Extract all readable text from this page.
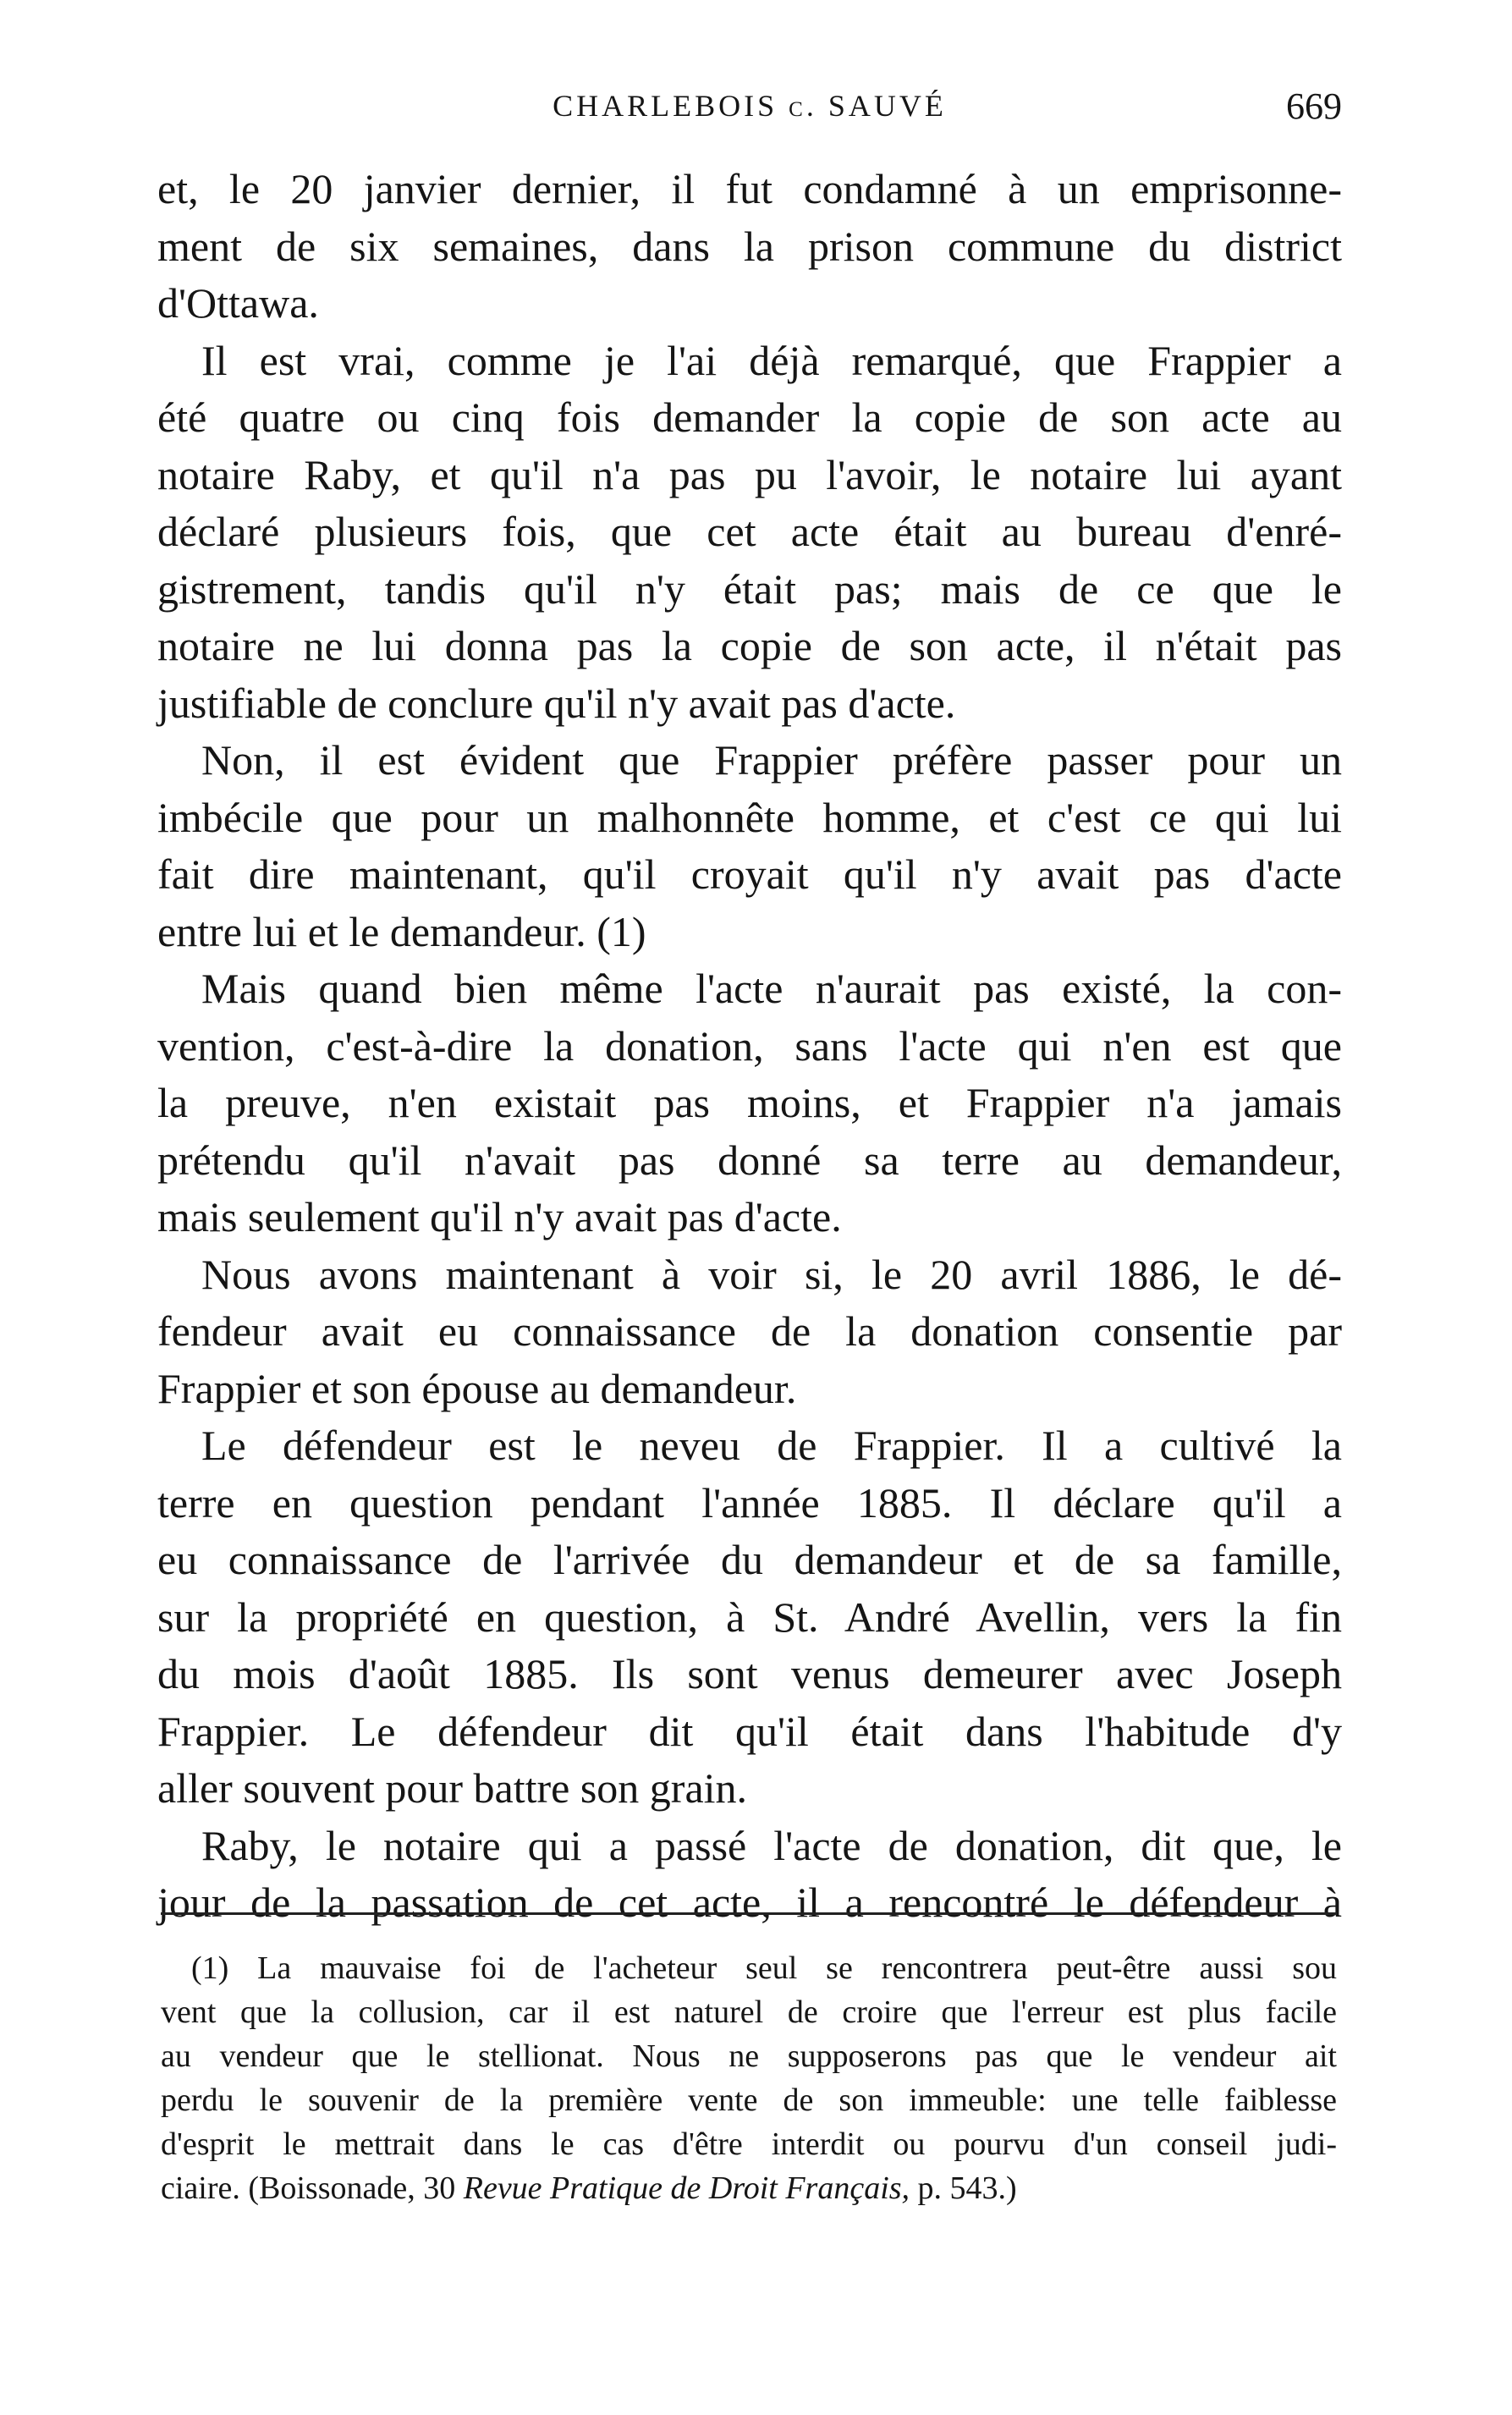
CHARLEBOIS c. SAUVÉ	669
et, le 20 janvier dernier, il fut condamné à un emprisonne-
ment de six semaines, dans la prison commune du district
d'Ottawa.
Il est vrai, comme je l'ai déjà remarqué, que Frappier a
été quatre ou cinq fois demander la copie de son acte au
notaire Raby, et qu'il n'a pas pu l'avoir, le notaire lui ayant
déclaré plusieurs fois, que cet acte était au bureau d'enré-
gistrement, tandis qu'il n'y était pas; mais de ce que le
notaire ne lui donna pas la copie de son acte, il n'était pas
justifiable de conclure qu'il n'y avait pas d'acte.
Non, il est évident que Frappier préfère passer pour un
imbécile que pour un malhonnête homme, et c'est ce qui lui
fait dire maintenant, qu'il croyait qu'il n'y avait pas d'acte
entre lui et le demandeur. (1)
Mais quand bien même l'acte n'aurait pas existé, la con-
vention, c'est-à-dire la donation, sans l'acte qui n'en est que
la preuve, n'en existait pas moins, et Frappier n'a jamais
prétendu qu'il n'avait pas donné sa terre au demandeur,
mais seulement qu'il n'y avait pas d'acte.
Nous avons maintenant à voir si, le 20 avril 1886, le dé-
fendeur avait eu connaissance de la donation consentie par
Frappier et son épouse au demandeur.
Le défendeur est le neveu de Frappier. Il a cultivé la
terre en question pendant l'année 1885. Il déclare qu'il a
eu connaissance de l'arrivée du demandeur et de sa famille,
sur la propriété en question, à St. André Avellin, vers la fin
du mois d'août 1885. Ils sont venus demeurer avec Joseph
Frappier. Le défendeur dit qu'il était dans l'habitude d'y
aller souvent pour battre son grain.
Raby, le notaire qui a passé l'acte de donation, dit que, le
jour de la passation de cet acte, il a rencontré le défendeur à
(1) La mauvaise foi de l'acheteur seul se rencontrera peut-être aussi sou
vent que la collusion, car il est naturel de croire que l'erreur est plus facile
au vendeur que le stellionat. Nous ne supposerons pas que le vendeur ait
perdu le souvenir de la première vente de son immeuble: une telle faiblesse
d'esprit le mettrait dans le cas d'être interdit ou pourvu d'un conseil judi-
ciaire. (Boissonade, 30 Revue Pratique de Droit Français, p. 543.)
